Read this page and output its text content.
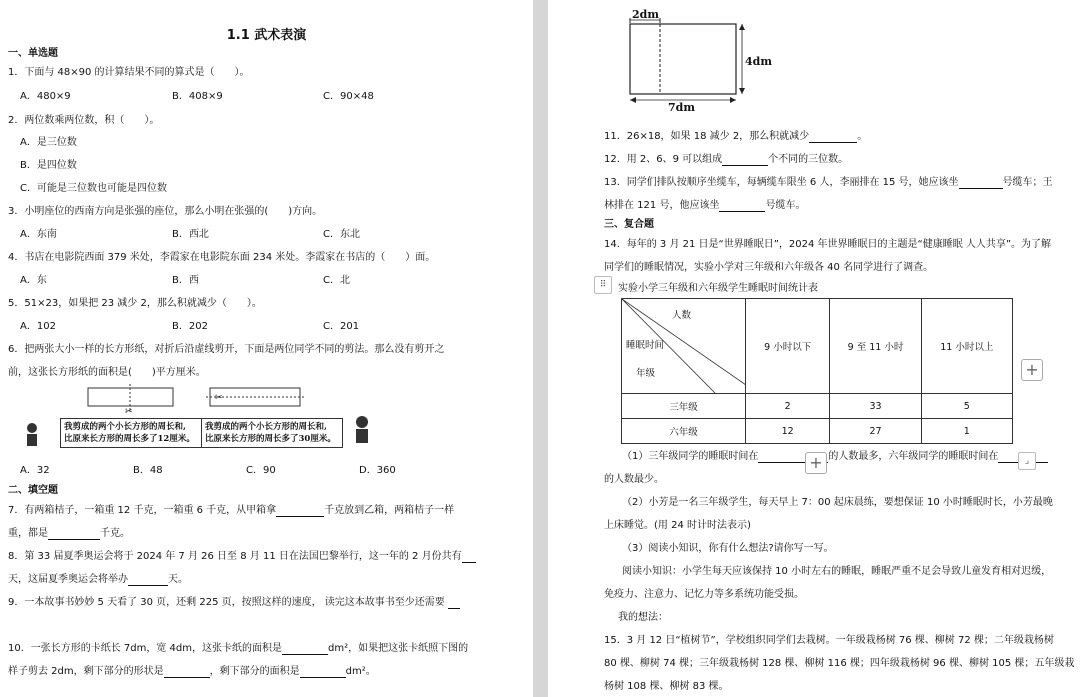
1.1 武术表演
一、单选题
1．下面与 48×90 的计算结果不同的算式是（　　）。
A．480×9	B．408×9	C．90×48
2．两位数乘两位数，积（　　）。
A．是三位数
B．是四位数
C．可能是三位数也可能是四位数
3．小明座位的西南方向是张强的座位，那么小明在张强的(　　)方向。
A．东南	B．西北	C．东北
4．书店在电影院西面 379 米处，李霞家在电影院东面 234 米处。李霞家在书店的（　　）面。
A．东	B．西	C．北
5．51×23，如果把 23 减少 2，那么积就减少（　　）。
A．102	B．202	C．201
6．把两张大小一样的长方形纸，对折后沿虚线剪开，下面是两位同学不同的剪法。那么没有剪开之
前，这张长方形纸的面积是(　　)平方厘米。
✂
✂
我剪成的两个小长方形的周长和,
比原来长方形的周长多了12厘米。
我剪成的两个小长方形的周长和,
比原来长方形的周长多了30厘米。
A．32	B．48	C．90	D．360
二、填空题
7．有两箱桔子，一箱重 12 千克，一箱重 6 千克，从甲箱拿	千克放到乙箱，两箱桔子一样
重，都是	千克。
8．第 33 届夏季奥运会将于 2024 年 7 月 26 日至 8 月 11 日在法国巴黎举行，这一年的 2 月份共有
天，这届夏季奥运会将举办	天。
9．一本故事书妙妙 5 天看了 30 页，还剩 225 页，按照这样的速度， 读完这本故事书至少还需要
10．一张长方形的卡纸长 7dm，宽 4dm，这张卡纸的面积是	dm²，如果把这张卡纸照下图的
样子剪去 2dm，剩下部分的形状是	，剩下部分的面积是	dm²。
2dm
4dm
7dm
11．26×18，如果 18 减少 2，那么积就减少	。
12．用 2、6、9 可以组成	个不同的三位数。
13．同学们排队按顺序坐缆车，每辆缆车限坐 6 人，李丽排在 15 号，她应该坐	号缆车；王
林排在 121 号，他应该坐	号缆车。
三、复合题
14．每年的 3 月 21 日是“世界睡眠日”，2024 年世界睡眠日的主题是“健康睡眠 人人共享”。为了解
同学们的睡眠情况，实验小学对三年级和六年级各 40 名同学进行了调查。
⠿	实验小学三年级和六年级学生睡眠时间统计表
人数
睡眠时间
年级	9 小时以下	9 至 11 小时	11 小时以上
三年级	2	33	5
六年级	12	27	1
+
（1）三年级同学的睡眠时间在	的人数最多，六年级同学的睡眠时间在
+	⌟
的人数最少。
（2）小芳是一名三年级学生，每天早上 7：00 起床晨练，要想保证 10 小时睡眠时长，小芳最晚
上床睡觉。(用 24 时计时法表示)
（3）阅读小知识，你有什么想法?请你写一写。
阅读小知识：小学生每天应该保持 10 小时左右的睡眠，睡眠严重不足会导致儿童发育相对迟缓，
免疫力、注意力、记忆力等多系统功能受损。
我的想法：
15．3 月 12 日“植树节”，学校组织同学们去栽树。一年级栽杨树 76 棵、柳树 72 棵；二年级栽杨树
80 棵、柳树 74 棵；三年级栽杨树 128 棵、柳树 116 棵；四年级栽杨树 96 棵、柳树 105 棵；五年级栽
杨树 108 棵、柳树 83 棵。
